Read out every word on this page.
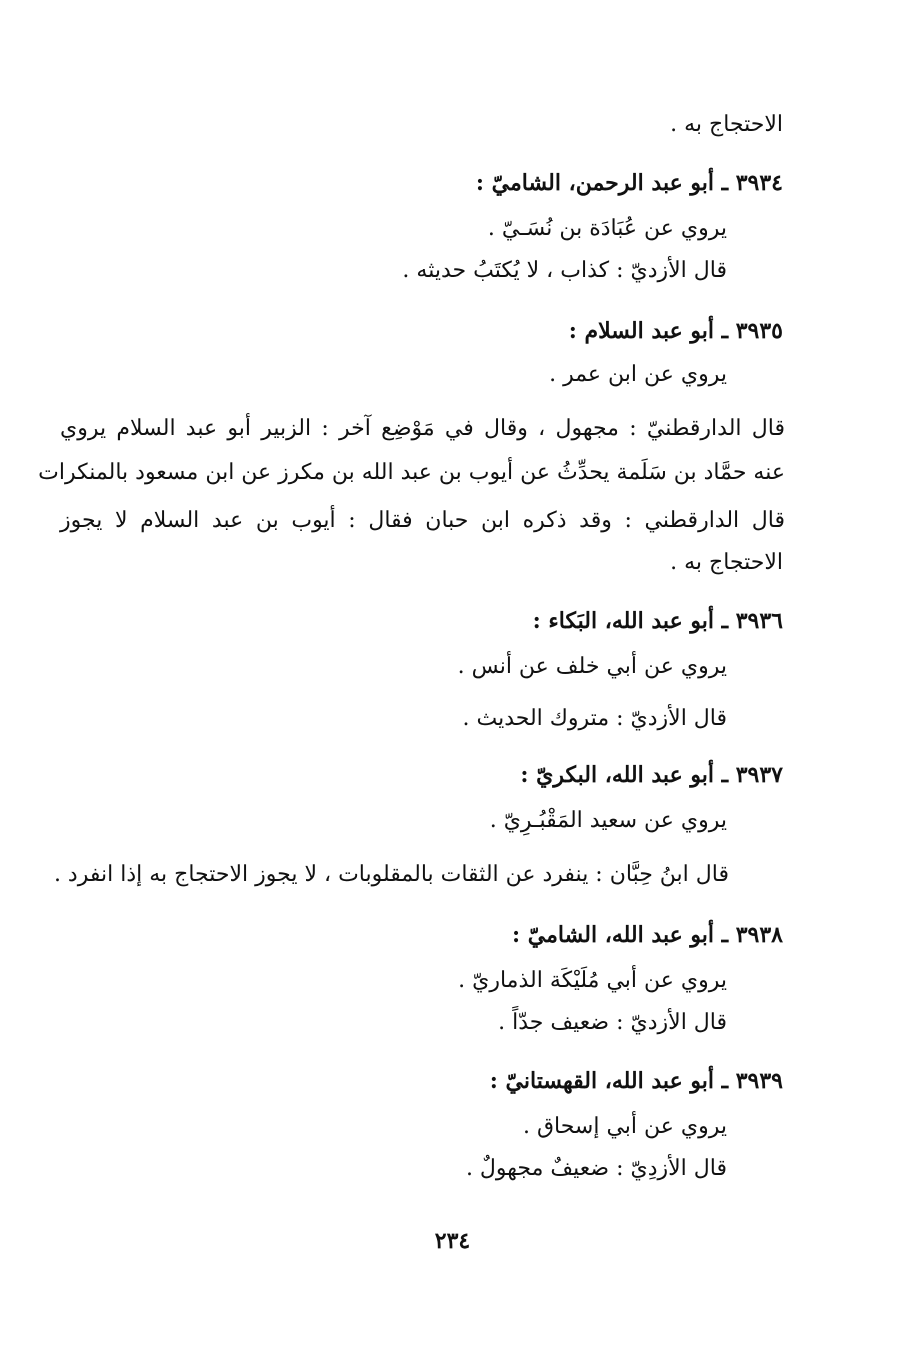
الاحتجاج به .
٣٩٣٤ ـ أبو عبد الرحمن، الشاميّ :
يروي عن عُبَادَة بن نُسَـيّ .
قال الأزديّ : كذاب ، لا يُكتَبُ حديثه .
٣٩٣٥ ـ أبو عبد السلام :
يروي عن ابن عمر .
قال الدارقطنيّ : مجهول ، وقال في مَوْضِع آخر : الزبير أبو عبد السلام يروي
عنه حمَّاد بن سَلَمة يحدِّثُ عن أيوب بن عبد الله بن مكرز عن ابن مسعود بالمنكرات
قال الدارقطني : وقد ذكره ابن حبان فقال : أيوب بن عبد السلام لا يجوز
الاحتجاج به .
٣٩٣٦ ـ أبو عبد الله، البَكاء :
يروي عن أبي خلف عن أنس .
قال الأزديّ : متروك الحديث .
٣٩٣٧ ـ أبو عبد الله، البكريّ :
يروي عن سعيد المَقْبُـرِيّ .
قال ابنُ حِبَّان : ينفرد عن الثقات بالمقلوبات ، لا يجوز الاحتجاج به إذا انفرد .
٣٩٣٨ ـ أبو عبد الله، الشاميّ :
يروي عن أبي مُلَيْكَة الذماريّ .
قال الأزديّ : ضعيف جدّاً .
٣٩٣٩ ـ أبو عبد الله، القهستانيّ :
يروي عن أبي إسحاق .
قال الأزدِيّ : ضعيفٌ مجهولٌ .
٢٣٤
